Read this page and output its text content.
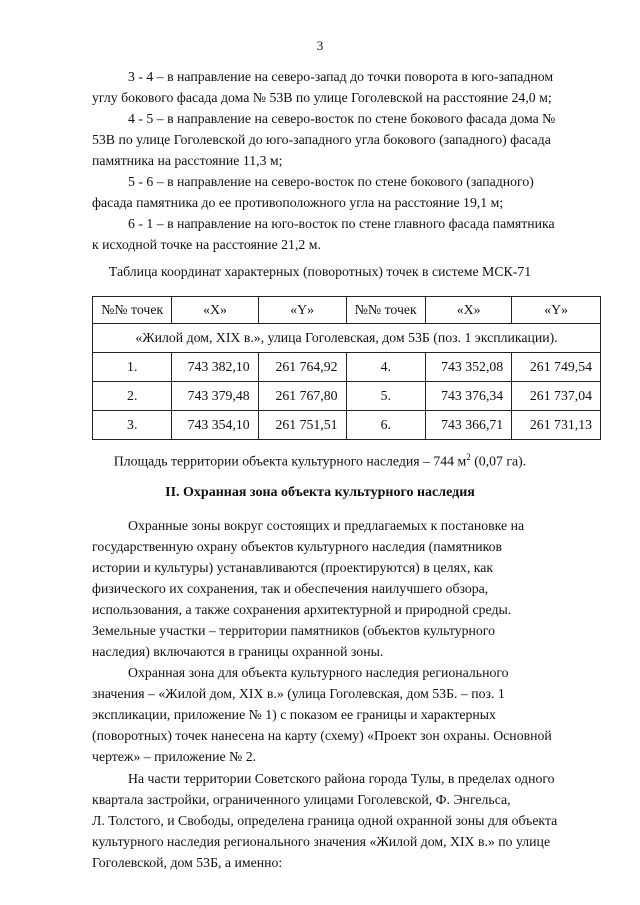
3
3 - 4 – в направление на северо-запад до точки поворота в юго-западном
углу бокового фасада дома № 53В по улице Гоголевской на расстояние 24,0 м;
4 - 5 – в направление на северо-восток по стене бокового фасада дома №
53В по улице Гоголевской до юго-западного угла бокового (западного) фасада
памятника на расстояние 11,3 м;
5 - 6 – в направление на северо-восток по стене бокового (западного)
фасада памятника до ее противоположного угла на расстояние 19,1 м;
6 - 1 – в направление на юго-восток по стене главного фасада памятника
к исходной точке на расстояние 21,2 м.
Таблица координат характерных (поворотных) точек в системе МСК-71
№№ точек	«X»	«Y»	№№ точек	«X»	«Y»
«Жилой дом, XIX в.», улица Гоголевская, дом 53Б (поз. 1 экспликации).					
1.	743 382,10	261 764,92	4.	743 352,08	261 749,54
2.	743 379,48	261 767,80	5.	743 376,34	261 737,04
3.	743 354,10	261 751,51	6.	743 366,71	261 731,13
Площадь территории объекта культурного наследия – 744 $м^2$ (0,07 га).
II. Охранная зона объекта культурного наследия
Охранные зоны вокруг состоящих и предлагаемых к постановке на
государственную охрану объектов культурного наследия (памятников
истории и культуры) устанавливаются (проектируются) в целях, как
физического их сохранения, так и обеспечения наилучшего обзора,
использования, а также сохранения архитектурной и природной среды.
Земельные участки – территории памятников (объектов культурного
наследия) включаются в границы охранной зоны.
Охранная зона для объекта культурного наследия регионального
значения – «Жилой дом, XIX в.» (улица Гоголевская, дом 53Б. – поз. 1
экспликации, приложение № 1) с показом ее границы и характерных
(поворотных) точек нанесена на карту (схему) «Проект зон охраны. Основной
чертеж» – приложение № 2.
На части территории Советского района города Тулы, в пределах одного
квартала застройки, ограниченного улицами Гоголевской, Ф. Энгельса,
Л. Толстого, и Свободы, определена граница одной охранной зоны для объекта
культурного наследия регионального значения «Жилой дом, XIX в.» по улице
Гоголевской, дом 53Б, а именно:
